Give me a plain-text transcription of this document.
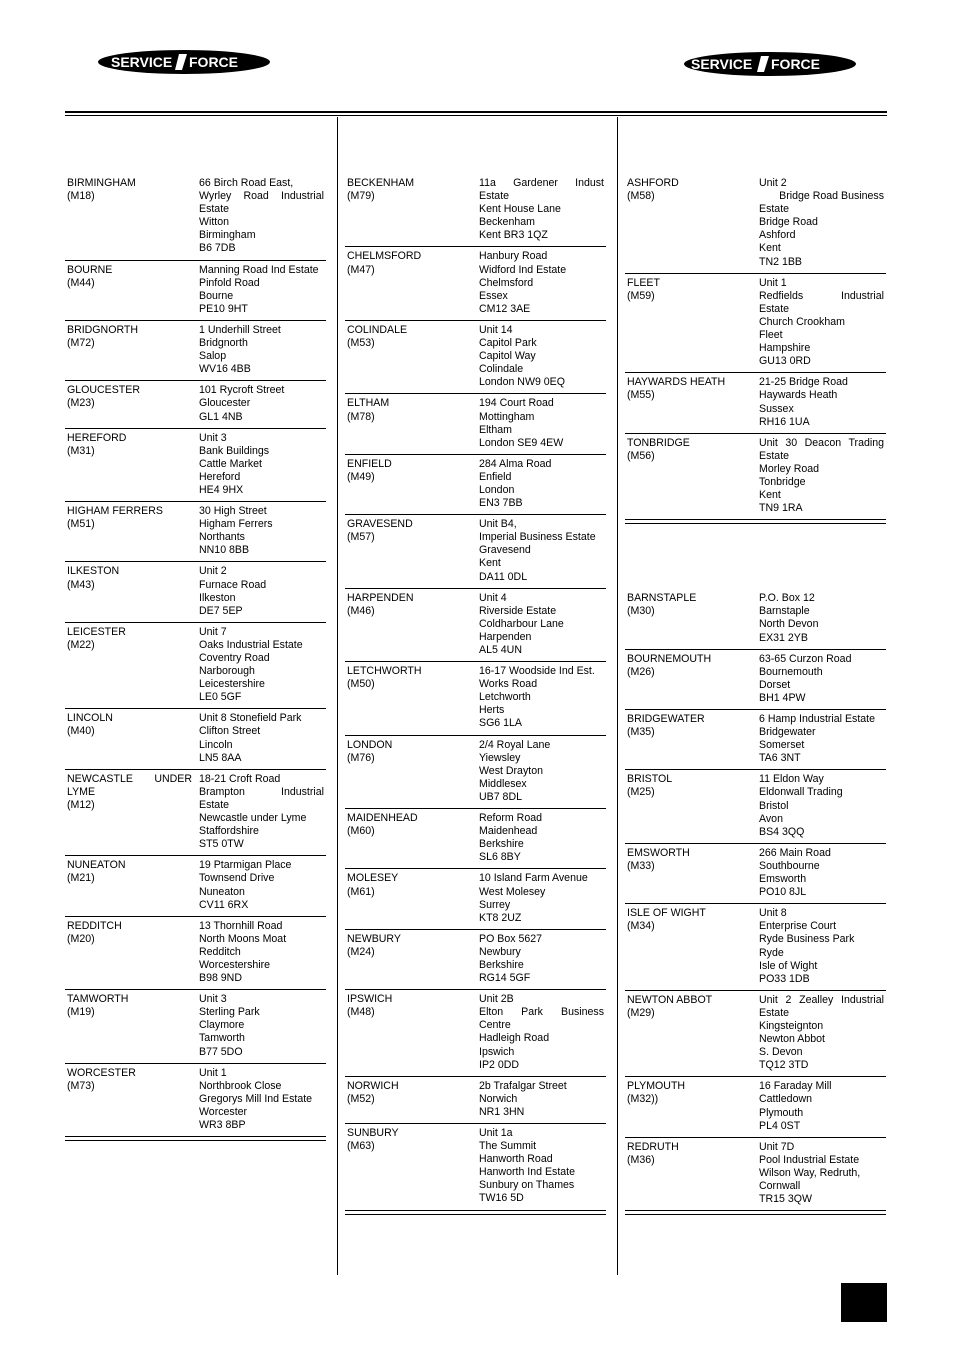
SERVICE FORCE	SERVICE FORCE
BIRMINGHAM
(M18)
66 Birch Road East,
Wyrley Road Industrial
Estate
Witton
Birmingham
B6 7DB
BOURNE
(M44)
Manning Road Ind Estate
Pinfold Road
Bourne
PE10 9HT
BRIDGNORTH
(M72)
1 Underhill Street
Bridgnorth
Salop
WV16 4BB
GLOUCESTER
(M23)
101 Rycroft Street
Gloucester
GL1 4NB
HEREFORD
(M31)
Unit 3
Bank Buildings
Cattle Market
Hereford
HE4 9HX
HIGHAM FERRERS
(M51)
30 High Street
Higham Ferrers
Northants
NN10 8BB
ILKESTON
(M43)
Unit 2
Furnace Road
Ilkeston
DE7 5EP
LEICESTER
(M22)
Unit 7
Oaks Industrial Estate
Coventry Road
Narborough
Leicestershire
LE0 5GF
LINCOLN
(M40)
Unit 8 Stonefield Park
Clifton Street
Lincoln
LN5 8AA
NEWCASTLE UNDER LYME
(M12)
18-21 Croft Road
Brampton Industrial
Estate
Newcastle under Lyme
Staffordshire
ST5 0TW
NUNEATON
(M21)
19 Ptarmigan Place
Townsend Drive
Nuneaton
CV11 6RX
REDDITCH
(M20)
13 Thornhill Road
North Moons Moat
Redditch
Worcestershire
B98 9ND
TAMWORTH
(M19)
Unit 3
Sterling Park
Claymore
Tamworth
B77 5DO
WORCESTER
(M73)
Unit 1
Northbrook Close
Gregorys Mill Ind Estate
Worcester
WR3 8BP
BECKENHAM
(M79)
11a Gardener Indust
Estate
Kent House Lane
Beckenham
Kent BR3 1QZ
CHELMSFORD
(M47)
Hanbury Road
Widford Ind Estate
Chelmsford
Essex
CM12 3AE
COLINDALE
(M53)
Unit 14
Capitol Park
Capitol Way
Colindale
London NW9 0EQ
ELTHAM
(M78)
194 Court Road
Mottingham
Eltham
London SE9 4EW
ENFIELD
(M49)
284 Alma Road
Enfield
London
EN3 7BB
GRAVESEND
(M57)
Unit B4,
Imperial Business Estate
Gravesend
Kent
DA11 0DL
HARPENDEN
(M46)
Unit 4
Riverside Estate
Coldharbour Lane
Harpenden
AL5 4UN
LETCHWORTH
(M50)
16-17 Woodside Ind Est.
Works Road
Letchworth
Herts
SG6 1LA
LONDON
(M76)
2/4 Royal Lane
Yiewsley
West Drayton
Middlesex
UB7 8DL
MAIDENHEAD
(M60)
Reform Road
Maidenhead
Berkshire
SL6 8BY
MOLESEY
(M61)
10 Island Farm Avenue
West Molesey
Surrey
KT8 2UZ
NEWBURY
(M24)
PO Box 5627
Newbury
Berkshire
RG14 5GF
IPSWICH
(M48)
Unit 2B
Elton Park Business
Centre
Hadleigh Road
Ipswich
IP2 0DD
NORWICH
(M52)
2b Trafalgar Street
Norwich
NR1 3HN
SUNBURY
(M63)
Unit 1a
The Summit
Hanworth Road
Hanworth Ind Estate
Sunbury on Thames
TW16 5D
ASHFORD
(M58)
Unit 2
Bridge Road Business
Estate
Bridge Road
Ashford
Kent
TN2 1BB
FLEET
(M59)
Unit 1
Redfields Industrial
Estate
Church Crookham
Fleet
Hampshire
GU13 0RD
HAYWARDS HEATH
(M55)
21-25 Bridge Road
Haywards Heath
Sussex
RH16 1UA
TONBRIDGE
(M56)
Unit 30 Deacon Trading
Estate
Morley Road
Tonbridge
Kent
TN9 1RA
BARNSTAPLE
(M30)
P.O. Box 12
Barnstaple
North Devon
EX31 2YB
BOURNEMOUTH
(M26)
63-65 Curzon Road
Bournemouth
Dorset
BH1 4PW
BRIDGEWATER
(M35)
6 Hamp Industrial Estate
Bridgewater
Somerset
TA6 3NT
BRISTOL
(M25)
11 Eldon Way
Eldonwall Trading
Bristol
Avon
BS4 3QQ
EMSWORTH
(M33)
266 Main Road
Southbourne
Emsworth
PO10 8JL
ISLE OF WIGHT
(M34)
Unit 8
Enterprise Court
Ryde Business Park
Ryde
Isle of Wight
PO33 1DB
NEWTON ABBOT
(M29)
Unit 2 Zealley Industrial
Estate
Kingsteignton
Newton Abbot
S. Devon
TQ12 3TD
PLYMOUTH
(M32))
16 Faraday Mill
Cattledown
Plymouth
PL4 0ST
REDRUTH
(M36)
Unit 7D
Pool Industrial Estate
Wilson Way, Redruth,
Cornwall
TR15 3QW
